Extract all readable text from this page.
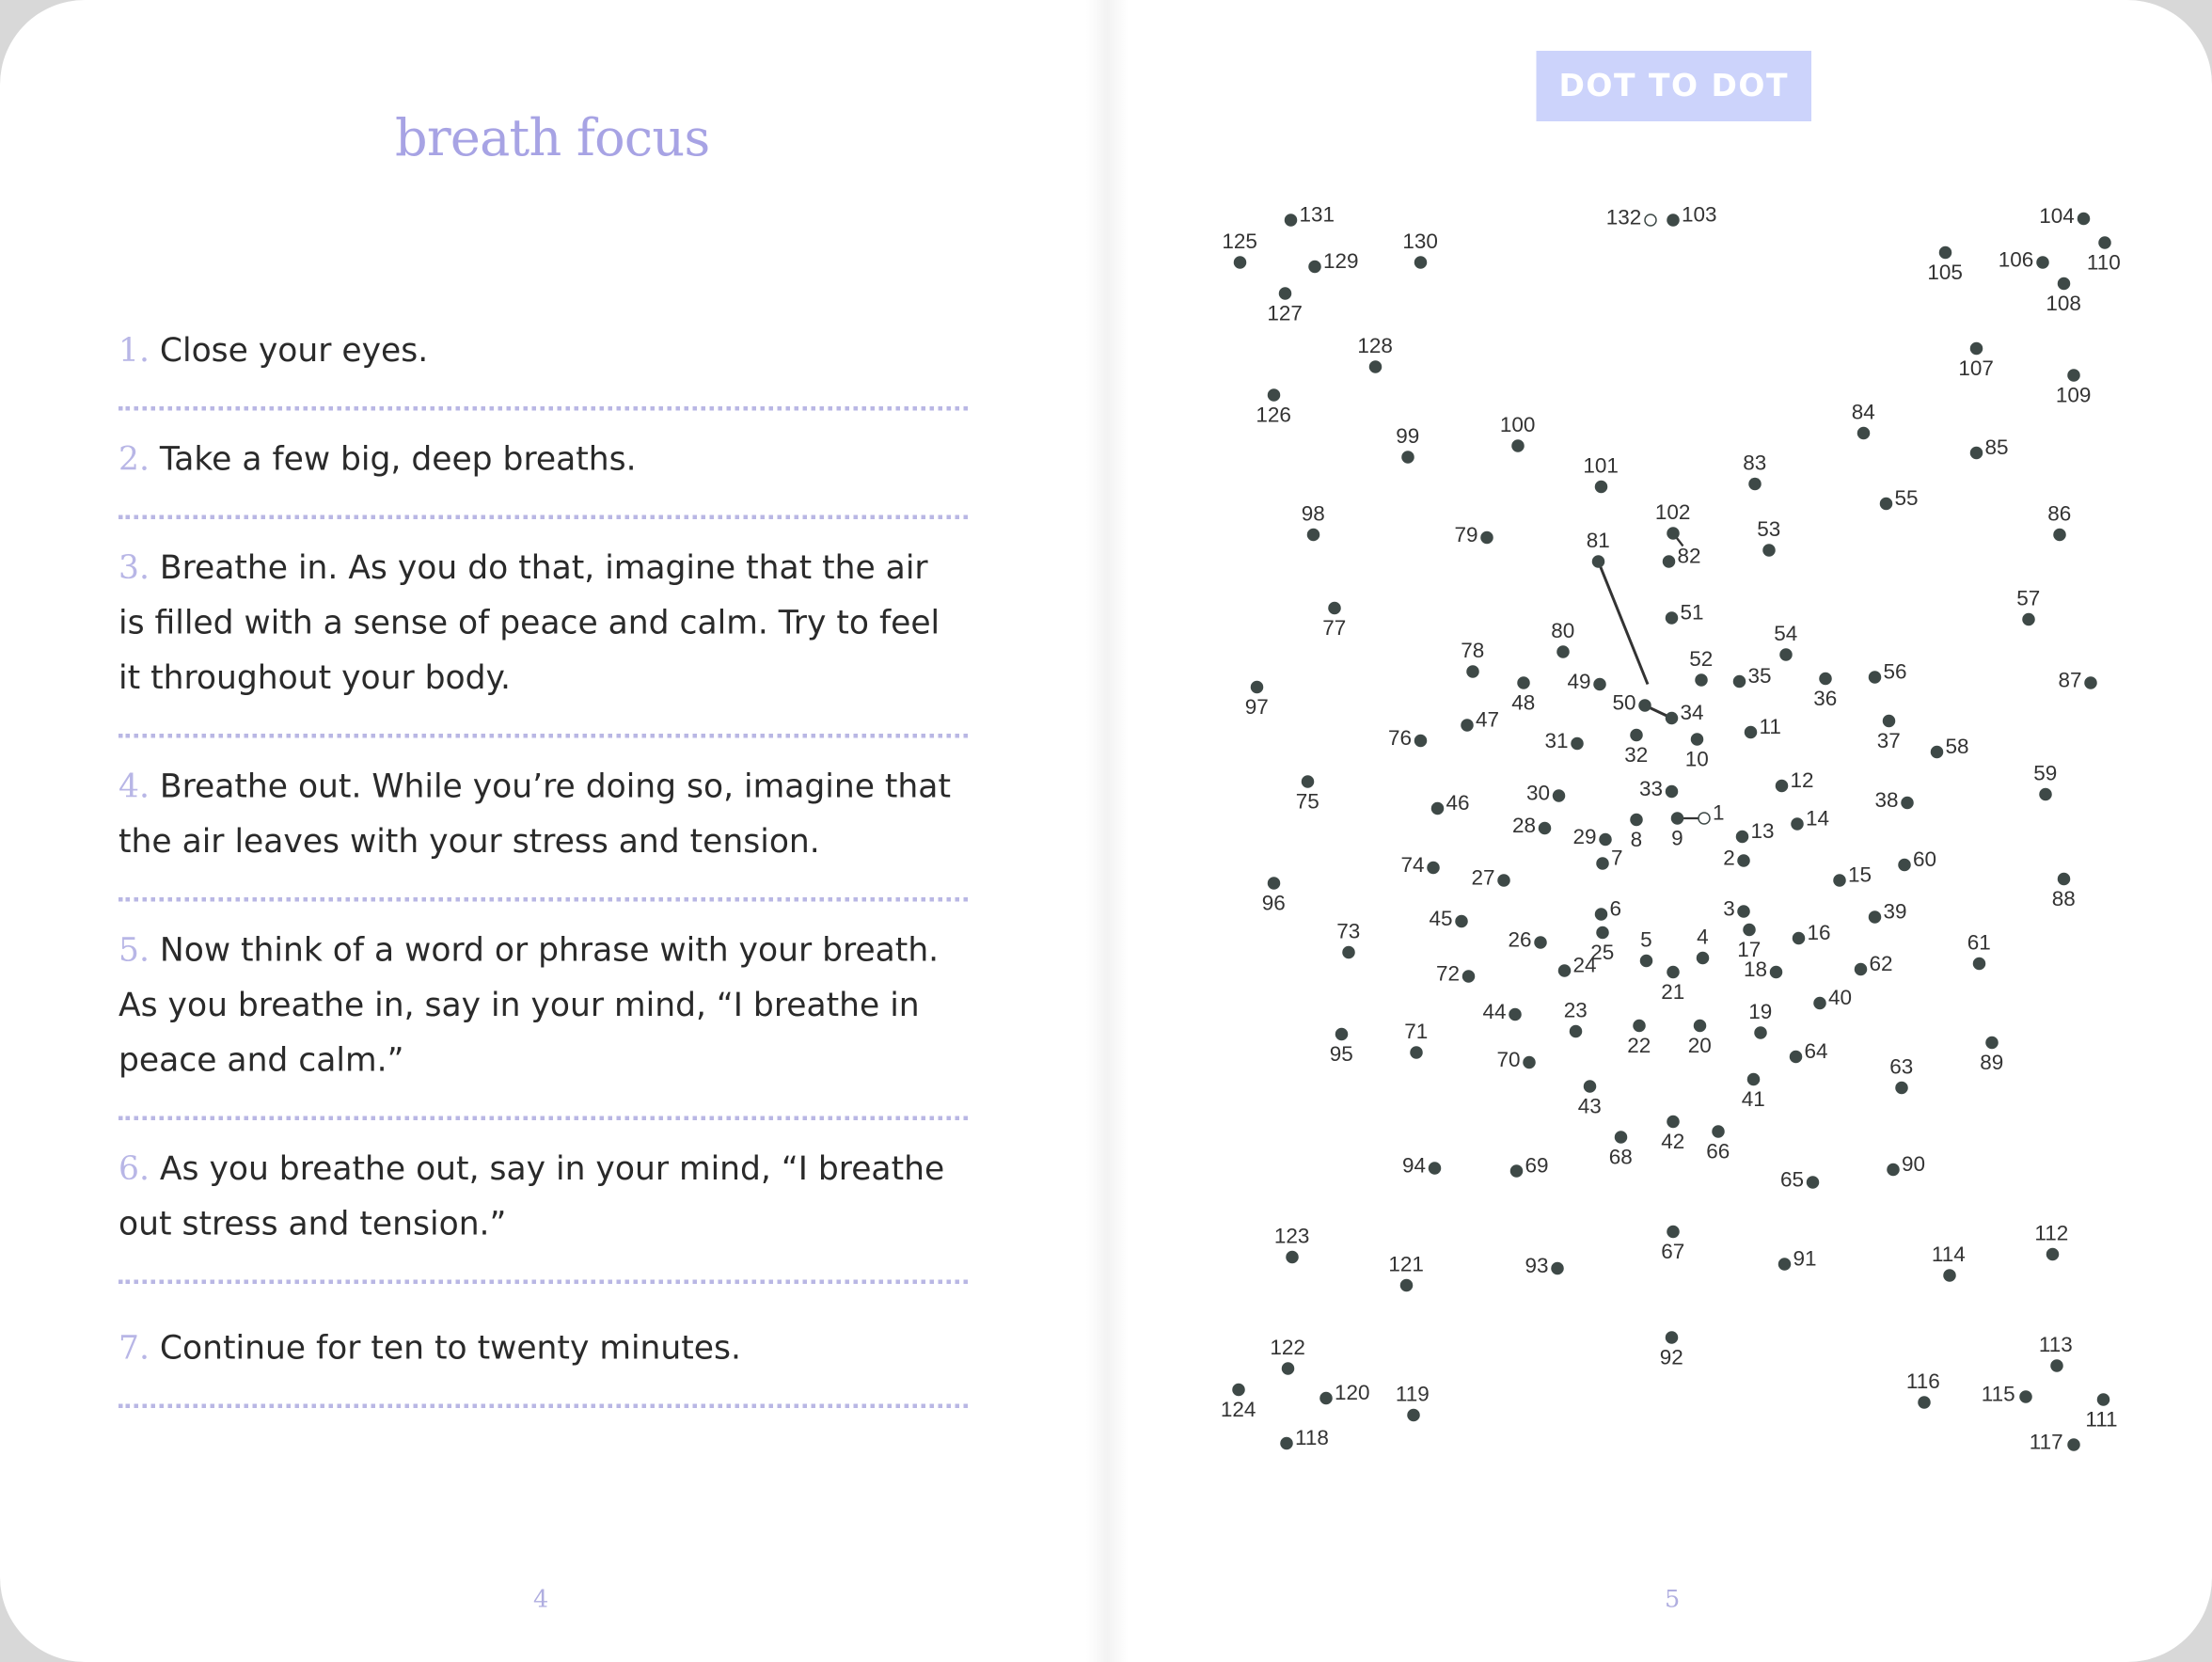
breath focus
1. Close your eyes.
2. Take a few big, deep breaths.
3. Breathe in. As you do that, imagine that the air is filled with a sense of peace and calm. Try to feel it throughout your body.
4. Breathe out. While you’re doing so, imagine that the air leaves with your stress and tension.
5. Now think of a word or phrase with your breath. As you breathe in, say in your mind, “I breathe in peace and calm.”
6. As you breathe out, say in your mind, “I breathe out stress and tension.”
7. Continue for ten to twenty minutes.
4
DOT TO DOT
1
2
3
4
5
6
7
8 9
10
11
12
13
14
15
16
17
18
19
20
21
22
23
24
25
26
27
28	29
30
31
32
33
34
35
36
37
38
39
40
41
42
43
44
45
46
47
48
49
50
51
52
53
54
55
56
57
58
59
60
61
62
63
64
65
66
67
68
69
70
71
72
73
74
75
76
77
78
79
80
81
82
83
84
85
86
87
88
89
90
91
92
93
94
95
96
97
98
99	100
101
102
103	104
105
106
107
108
109
110
111
112
113
114
115
116
117
118
119
120
121
122
123
124
125
126
127
128
129
130
131	132
5
